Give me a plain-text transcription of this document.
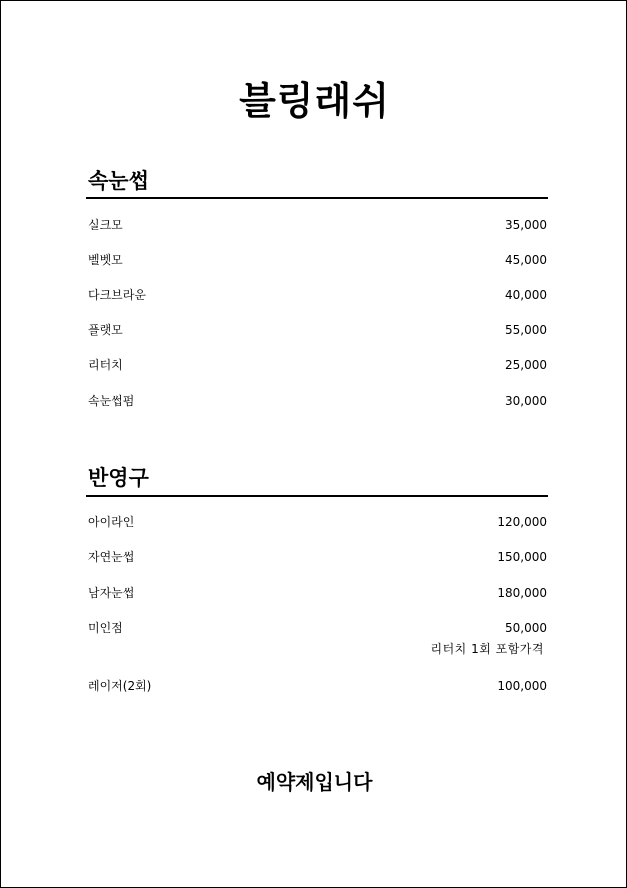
블링래쉬
속눈썹
실크모	35,000
벨벳모	45,000
다크브라운	40,000
플랫모	55,000
리터치	25,000
속눈썹펌	30,000
반영구
아이라인	120,000
자연눈썹	150,000
남자눈썹	180,000
미인점	50,000
리터치 1회 포함가격
레이저(2회)	100,000
예약제입니다
